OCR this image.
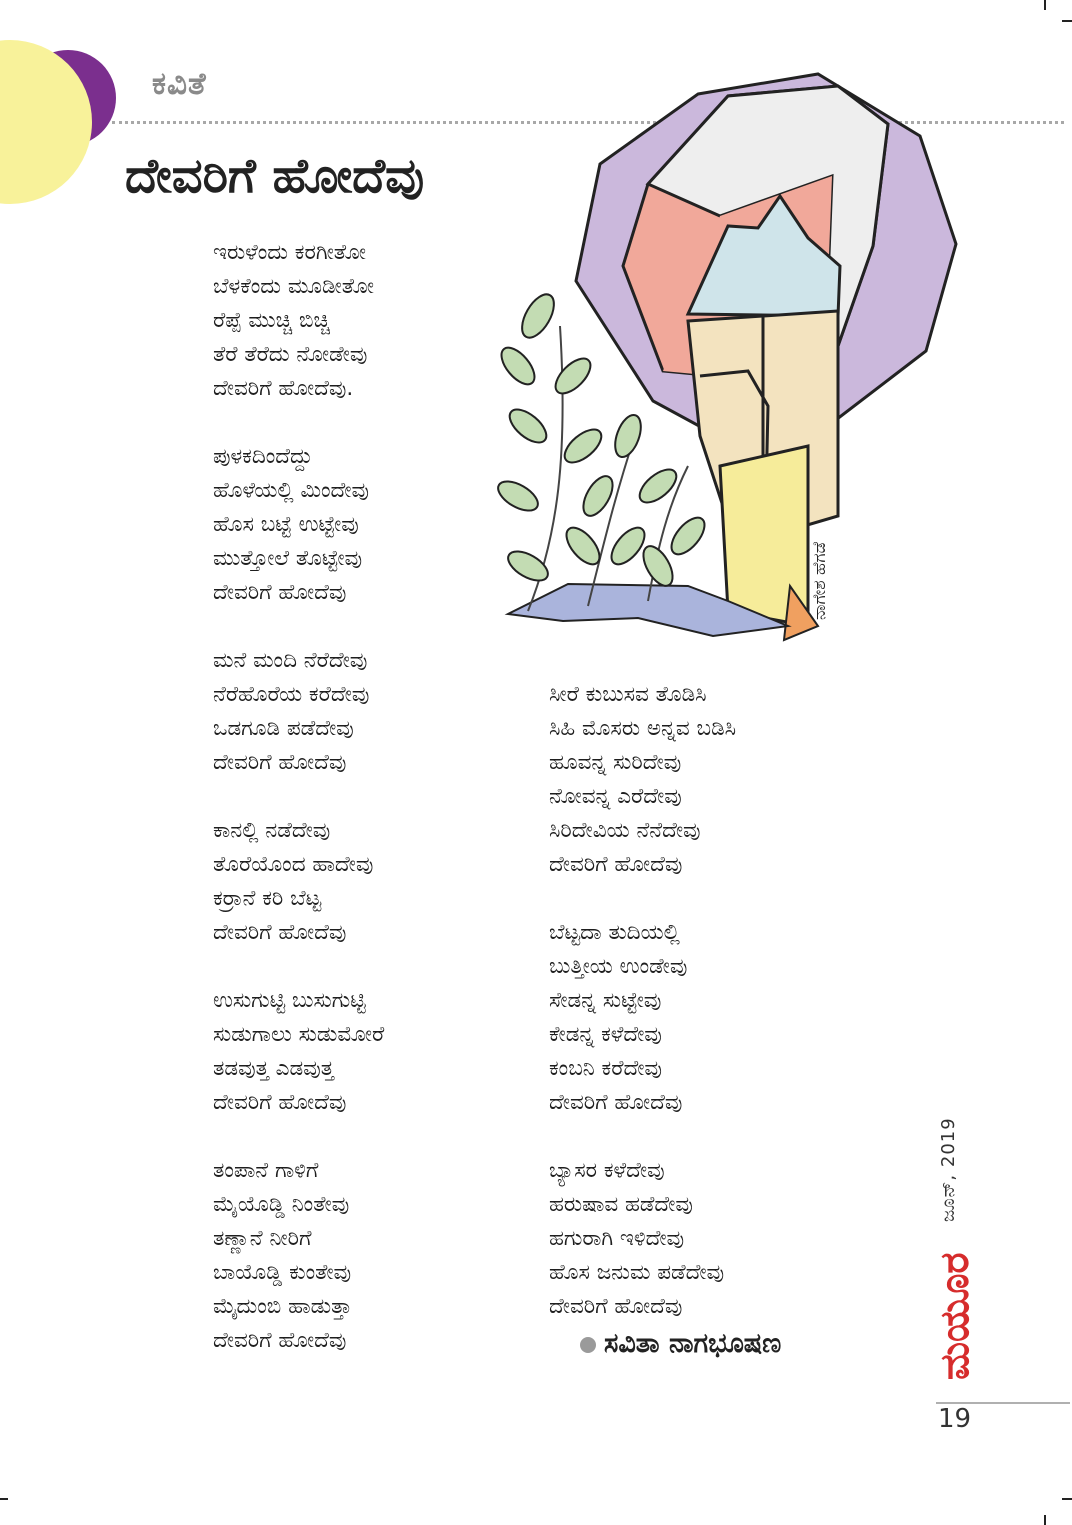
ಕವಿತೆ
ದೇವರಿಗೆ ಹೋದೆವು
ನಾಗೇಶ ಹೆಗಡೆ
ಇರುಳೆಂದು ಕರಗೀತೋ
ಬೆಳಕೆಂದು ಮೂಡೀತೋ
ರೆಪ್ಪೆ ಮುಚ್ಚಿ ಬಿಚ್ಚಿ
ತೆರೆ ತೆರೆದು ನೋಡೇವು
ದೇವರಿಗೆ ಹೋದೆವು.
ಪುಳಕದಿಂದೆದ್ದು
ಹೊಳೆಯಲ್ಲಿ ಮಿಂದೇವು
ಹೊಸ ಬಟ್ಟೆ ಉಟ್ಟೇವು
ಮುತ್ತೋಲೆ ತೊಟ್ಟೇವು
ದೇವರಿಗೆ ಹೋದೆವು
ಮನೆ ಮಂದಿ ನೆರೆದೇವು
ನೆರೆಹೊರೆಯ ಕರೆದೇವು
ಒಡಗೂಡಿ ಪಡೆದೇವು
ದೇವರಿಗೆ ಹೋದೆವು
ಕಾನಲ್ಲಿ ನಡೆದೇವು
ತೊರೆಯೊಂದ ಹಾದೇವು
ಕರ್‍ರಾನೆ ಕರಿ ಬೆಟ್ಟ
ದೇವರಿಗೆ ಹೋದೆವು
ಉಸುಗುಟ್ಟಿ ಬುಸುಗುಟ್ಟಿ
ಸುಡುಗಾಲು ಸುಡುಮೋರೆ
ತಡವುತ್ತ ಎಡವುತ್ತ
ದೇವರಿಗೆ ಹೋದೆವು
ತಂಪಾನೆ ಗಾಳಿಗೆ
ಮೈಯೊಡ್ಡಿ ನಿಂತೇವು
ತಣ್ಣಾನೆ ನೀರಿಗೆ
ಬಾಯೊಡ್ಡಿ ಕುಂತೇವು
ಮೈದುಂಬಿ ಹಾಡುತ್ತಾ
ದೇವರಿಗೆ ಹೋದೆವು
ಸೀರೆ ಕುಬುಸವ ತೊಡಿಸಿ
ಸಿಹಿ ಮೊಸರು ಅನ್ನವ ಬಡಿಸಿ
ಹೂವನ್ನ ಸುರಿದೇವು
ನೋವನ್ನ ಎರೆದೇವು
ಸಿರಿದೇವಿಯ ನೆನೆದೇವು
ದೇವರಿಗೆ ಹೋದೆವು
ಬೆಟ್ಟದಾ ತುದಿಯಲ್ಲಿ
ಬುತ್ತೀಯ ಉಂಡೇವು
ಸೇಡನ್ನ ಸುಟ್ಟೇವು
ಕೇಡನ್ನ ಕಳೆದೇವು
ಕಂಬನಿ ಕರೆದೇವು
ದೇವರಿಗೆ ಹೋದೆವು
ಬ್ಯಾಸರ ಕಳೆದೇವು
ಹರುಷಾವ ಹಡೆದೇವು
ಹಗುರಾಗಿ ಇಳಿದೇವು
ಹೊಸ ಜನುಮ ಪಡೆದೇವು
ದೇವರಿಗೆ ಹೋದೆವು
ಸವಿತಾ ನಾಗಭೂಷಣ
ಜೂನ್, 2019
ಮಯೂರ
19
